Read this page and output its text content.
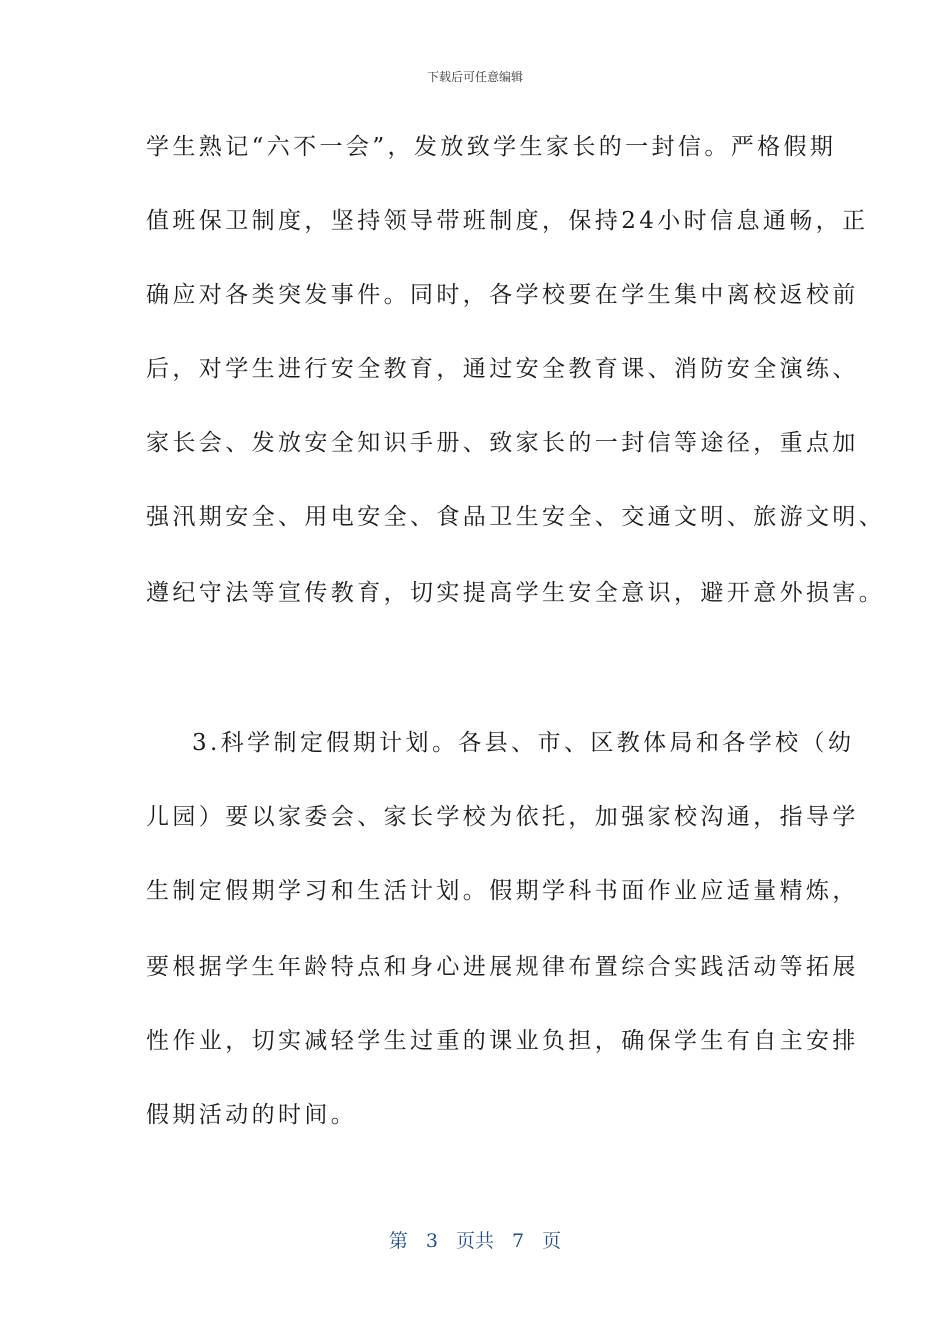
下载后可任意编辑
学生熟记“六不一会”，发放致学生家长的一封信。严格假期
值班保卫制度，坚持领导带班制度，保持24小时信息通畅，正
确应对各类突发事件。同时，各学校要在学生集中离校返校前
后，对学生进行安全教育，通过安全教育课、消防安全演练、
家长会、发放安全知识手册、致家长的一封信等途径，重点加
强汛期安全、用电安全、食品卫生安全、交通文明、旅游文明、
遵纪守法等宣传教育，切实提高学生安全意识，避开意外损害。
3.科学制定假期计划。各县、市、区教体局和各学校（幼
儿园）要以家委会、家长学校为依托，加强家校沟通，指导学
生制定假期学习和生活计划。假期学科书面作业应适量精炼，
要根据学生年龄特点和身心进展规律布置综合实践活动等拓展
性作业，切实减轻学生过重的课业负担，确保学生有自主安排
假期活动的时间。
第 3 页共 7 页
